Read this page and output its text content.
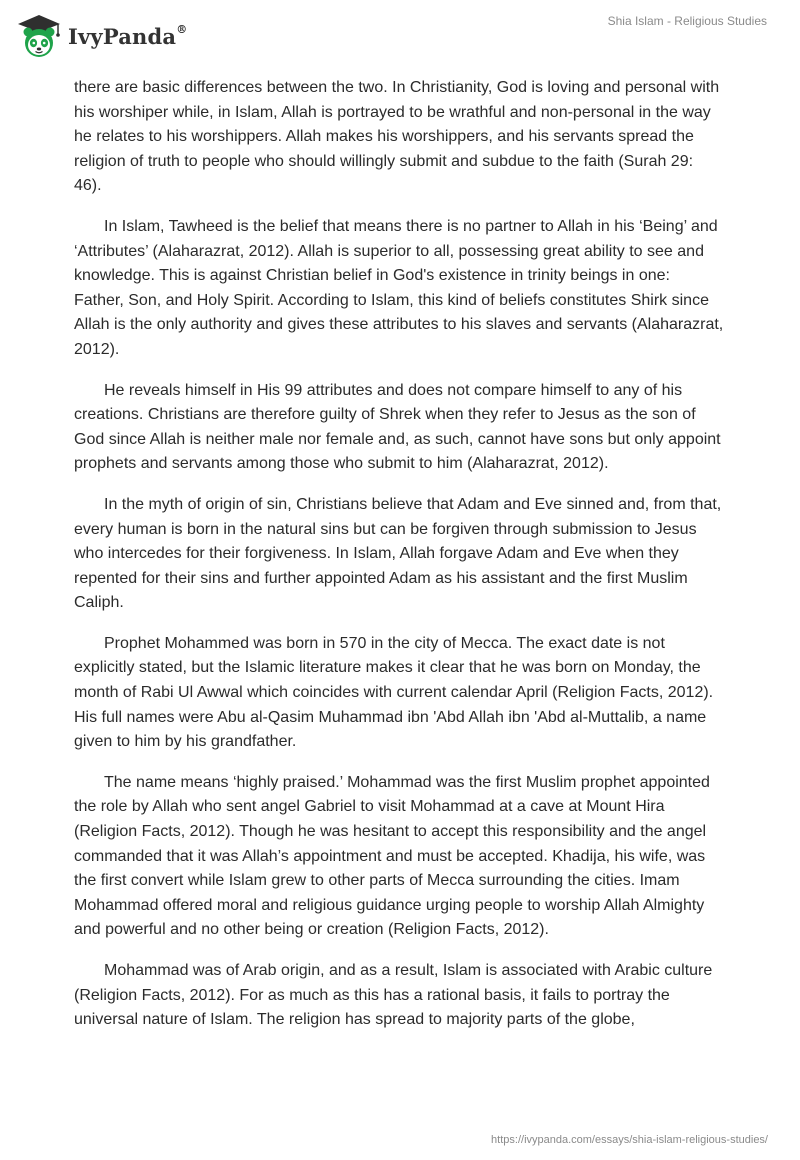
IvyPanda®
Shia Islam - Religious Studies

there are basic differences between the two. In Christianity, God is loving and personal with his worshiper while, in Islam, Allah is portrayed to be wrathful and non-personal in the way he relates to his worshippers. Allah makes his worshippers, and his servants spread the religion of truth to people who should willingly submit and subdue to the faith (Surah 29: 46).

In Islam, Tawheed is the belief that means there is no partner to Allah in his ‘Being’ and ‘Attributes’ (Alaharazrat, 2012). Allah is superior to all, possessing great ability to see and knowledge. This is against Christian belief in God's existence in trinity beings in one: Father, Son, and Holy Spirit. According to Islam, this kind of beliefs constitutes Shirk since Allah is the only authority and gives these attributes to his slaves and servants (Alaharazrat, 2012).

He reveals himself in His 99 attributes and does not compare himself to any of his creations. Christians are therefore guilty of Shrek when they refer to Jesus as the son of God since Allah is neither male nor female and, as such, cannot have sons but only appoint prophets and servants among those who submit to him (Alaharazrat, 2012).

In the myth of origin of sin, Christians believe that Adam and Eve sinned and, from that, every human is born in the natural sins but can be forgiven through submission to Jesus who intercedes for their forgiveness. In Islam, Allah forgave Adam and Eve when they repented for their sins and further appointed Adam as his assistant and the first Muslim Caliph.

Prophet Mohammed was born in 570 in the city of Mecca. The exact date is not explicitly stated, but the Islamic literature makes it clear that he was born on Monday, the month of Rabi Ul Awwal which coincides with current calendar April (Religion Facts, 2012). His full names were Abu al-Qasim Muhammad ibn 'Abd Allah ibn 'Abd al-Muttalib, a name given to him by his grandfather.

The name means ‘highly praised.’ Mohammad was the first Muslim prophet appointed the role by Allah who sent angel Gabriel to visit Mohammad at a cave at Mount Hira (Religion Facts, 2012). Though he was hesitant to accept this responsibility and the angel commanded that it was Allah’s appointment and must be accepted. Khadija, his wife, was the first convert while Islam grew to other parts of Mecca surrounding the cities. Imam Mohammad offered moral and religious guidance urging people to worship Allah Almighty and powerful and no other being or creation (Religion Facts, 2012).

Mohammad was of Arab origin, and as a result, Islam is associated with Arabic culture (Religion Facts, 2012). For as much as this has a rational basis, it fails to portray the universal nature of Islam. The religion has spread to majority parts of the globe,

https://ivypanda.com/essays/shia-islam-religious-studies/
